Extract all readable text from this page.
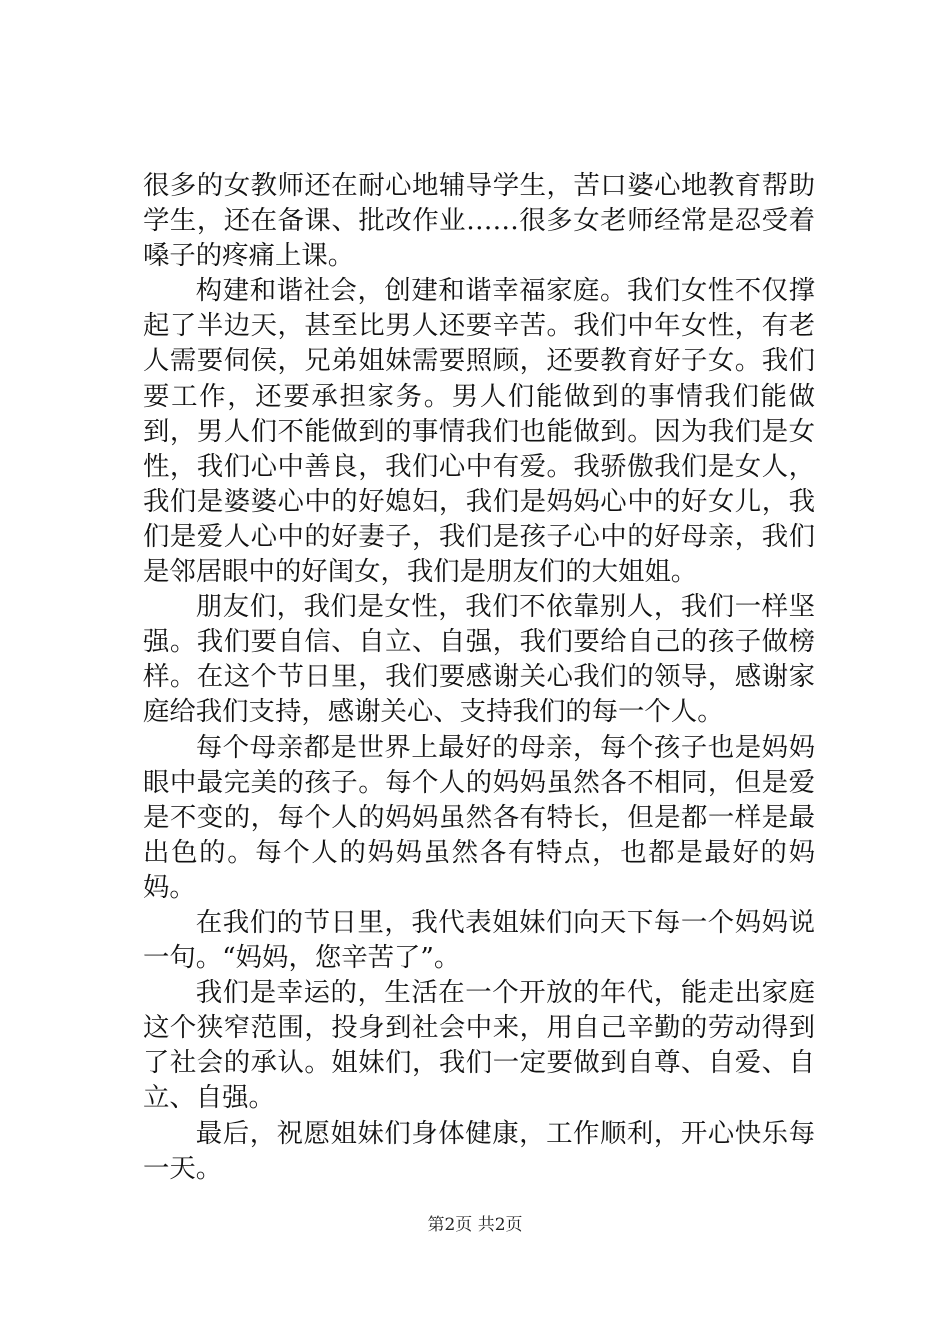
很多的女教师还在耐心地辅导学生，苦口婆心地教育帮助学生，还在备课、批改作业……很多女老师经常是忍受着嗓子的疼痛上课。

构建和谐社会，创建和谐幸福家庭。我们女性不仅撑起了半边天，甚至比男人还要辛苦。我们中年女性，有老人需要伺侯，兄弟姐妹需要照顾，还要教育好子女。我们要工作，还要承担家务。男人们能做到的事情我们能做到，男人们不能做到的事情我们也能做到。因为我们是女性，我们心中善良，我们心中有爱。我骄傲我们是女人，我们是婆婆心中的好媳妇，我们是妈妈心中的好女儿，我们是爱人心中的好妻子，我们是孩子心中的好母亲，我们是邻居眼中的好闺女，我们是朋友们的大姐姐。

朋友们，我们是女性，我们不依靠别人，我们一样坚强。我们要自信、自立、自强，我们要给自己的孩子做榜样。在这个节日里，我们要感谢关心我们的领导，感谢家庭给我们支持，感谢关心、支持我们的每一个人。

每个母亲都是世界上最好的母亲，每个孩子也是妈妈眼中最完美的孩子。每个人的妈妈虽然各不相同，但是爱是不变的，每个人的妈妈虽然各有特长，但是都一样是最出色的。每个人的妈妈虽然各有特点，也都是最好的妈妈。

在我们的节日里，我代表姐妹们向天下每一个妈妈说一句。“妈妈，您辛苦了”。

我们是幸运的，生活在一个开放的年代，能走出家庭这个狭窄范围，投身到社会中来，用自己辛勤的劳动得到了社会的承认。姐妹们，我们一定要做到自尊、自爱、自立、自强。

最后，祝愿姐妹们身体健康，工作顺利，开心快乐每一天。

第2页 共2页
